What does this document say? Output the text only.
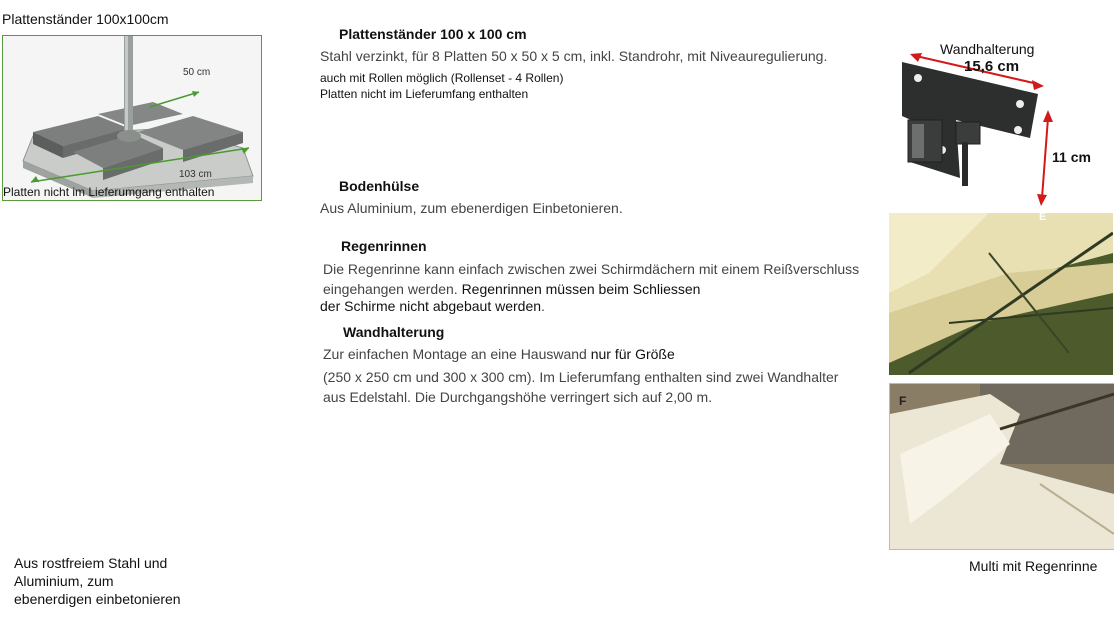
Plattenständer 100x100cm
50 cm
103 cm
Platten nicht im Lieferumgang enthalten
Aus rostfreiem Stahl und
Aluminium, zum
ebenerdigen einbetonieren
Plattenständer 100 x 100 cm
Stahl verzinkt, für 8 Platten 50 x 50 x 5 cm, inkl. Standrohr, mit Niveauregulierung.
auch mit Rollen möglich (Rollenset - 4 Rollen)
Platten nicht im Lieferumfang enthalten
Bodenhülse
Aus Aluminium, zum ebenerdigen Einbetonieren.
Regenrinnen
Die Regenrinne kann einfach zwischen zwei Schirmdächern mit einem Reißverschluss
eingehangen werden. Regenrinnen müssen beim Schliessen
der Schirme nicht abgebaut werden.
Wandhalterung
Zur einfachen Montage an eine Hauswand nur für Größe
(250 x 250 cm und 300 x 300 cm). Im Lieferumfang enthalten sind zwei Wandhalter
aus Edelstahl. Die Durchgangshöhe verringert sich auf 2,00 m.
Wandhalterung
15,6 cm
11 cm
E
F
Multi mit Regenrinne
